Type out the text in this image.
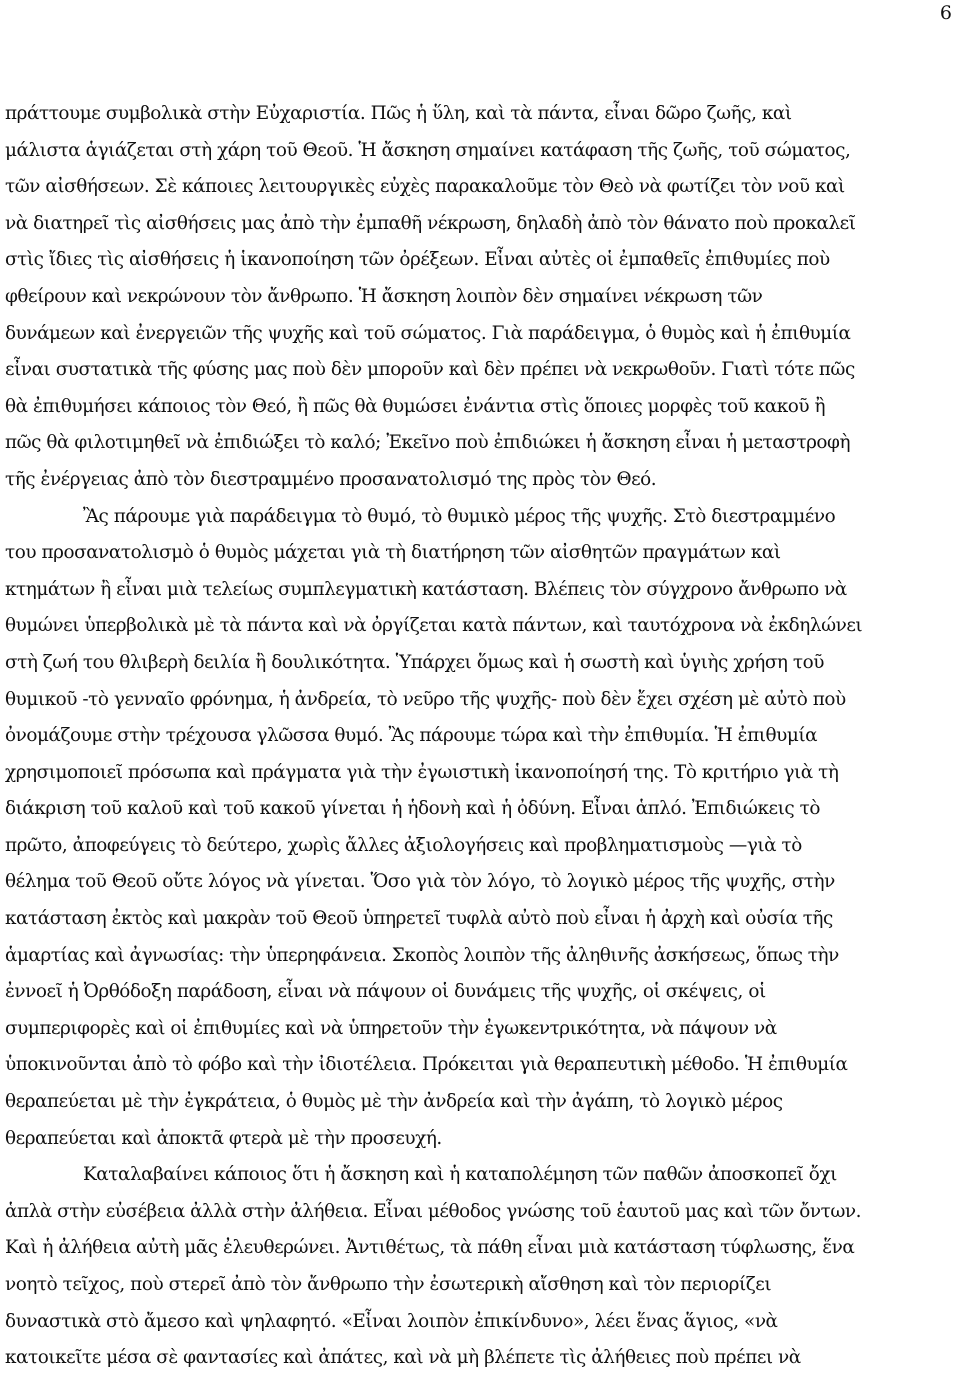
6
πράττουμε συμβολικὰ στὴν Εὐχαριστία. Πῶς ἡ ὕλη, καὶ τὰ πάντα, εἶναι δῶρο ζωῆς, καὶ
μάλιστα ἁγιάζεται στὴ χάρη τοῦ Θεοῦ. Ἡ ἄσκηση σημαίνει κατάφαση τῆς ζωῆς, τοῦ σώματος,
τῶν αἰσθήσεων. Σὲ κάποιες λειτουργικὲς εὐχὲς παρακαλοῦμε τὸν Θεὸ νὰ φωτίζει τὸν νοῦ καὶ
νὰ διατηρεῖ τὶς αἰσθήσεις μας ἀπὸ τὴν ἐμπαθῆ νέκρωση, δηλαδὴ ἀπὸ τὸν θάνατο ποὺ προκαλεῖ
στὶς ἴδιες τὶς αἰσθήσεις ἡ ἱκανοποίηση τῶν ὀρέξεων. Εἶναι αὐτὲς οἱ ἐμπαθεῖς ἐπιθυμίες ποὺ
φθείρουν καὶ νεκρώνουν τὸν ἄνθρωπο. Ἡ ἄσκηση λοιπὸν δὲν σημαίνει νέκρωση τῶν
δυνάμεων καὶ ἐνεργειῶν τῆς ψυχῆς καὶ τοῦ σώματος. Γιὰ παράδειγμα, ὁ θυμὸς καὶ ἡ ἐπιθυμία
εἶναι συστατικὰ τῆς φύσης μας ποὺ δὲν μποροῦν καὶ δὲν πρέπει νὰ νεκρωθοῦν. Γιατὶ τότε πῶς
θὰ ἐπιθυμήσει κάποιος τὸν Θεό, ἢ πῶς θὰ θυμώσει ἐνάντια στὶς ὅποιες μορφὲς τοῦ κακοῦ ἢ
πῶς θὰ φιλοτιμηθεῖ νὰ ἐπιδιώξει τὸ καλό; Ἐκεῖνο ποὺ ἐπιδιώκει ἡ ἄσκηση εἶναι ἡ μεταστροφὴ
τῆς ἐνέργειας ἀπὸ τὸν διεστραμμένο προσανατολισμό της πρὸς τὸν Θεό.
Ἂς πάρουμε γιὰ παράδειγμα τὸ θυμό, τὸ θυμικὸ μέρος τῆς ψυχῆς. Στὸ διεστραμμένο
του προσανατολισμὸ ὁ θυμὸς μάχεται γιὰ τὴ διατήρηση τῶν αἰσθητῶν πραγμάτων καὶ
κτημάτων ἢ εἶναι μιὰ τελείως συμπλεγματικὴ κατάσταση. Βλέπεις τὸν σύγχρονο ἄνθρωπο νὰ
θυμώνει ὑπερβολικὰ μὲ τὰ πάντα καὶ νὰ ὀργίζεται κατὰ πάντων, καὶ ταυτόχρονα νὰ ἐκδηλώνει
στὴ ζωή του θλιβερὴ δειλία ἢ δουλικότητα. Ὑπάρχει ὅμως καὶ ἡ σωστὴ καὶ ὑγιὴς χρήση τοῦ
θυμικοῦ -τὸ γενναῖο φρόνημα, ἡ ἀνδρεία, τὸ νεῦρο τῆς ψυχῆς- ποὺ δὲν ἔχει σχέση μὲ αὐτὸ ποὺ
ὀνομάζουμε στὴν τρέχουσα γλῶσσα θυμό. Ἂς πάρουμε τώρα καὶ τὴν ἐπιθυμία. Ἡ ἐπιθυμία
χρησιμοποιεῖ πρόσωπα καὶ πράγματα γιὰ τὴν ἐγωιστικὴ ἱκανοποίησή της. Τὸ κριτήριο γιὰ τὴ
διάκριση τοῦ καλοῦ καὶ τοῦ κακοῦ γίνεται ἡ ἡδονὴ καὶ ἡ ὀδύνη. Εἶναι ἁπλό. Ἐπιδιώκεις τὸ
πρῶτο, ἀποφεύγεις τὸ δεύτερο, χωρὶς ἄλλες ἀξιολογήσεις καὶ προβληματισμοὺς —γιὰ τὸ
θέλημα τοῦ Θεοῦ οὔτε λόγος νὰ γίνεται. Ὅσο γιὰ τὸν λόγο, τὸ λογικὸ μέρος τῆς ψυχῆς, στὴν
κατάσταση ἐκτὸς καὶ μακρὰν τοῦ Θεοῦ ὑπηρετεῖ τυφλὰ αὐτὸ ποὺ εἶναι ἡ ἀρχὴ καὶ οὐσία τῆς
ἁμαρτίας καὶ ἀγνωσίας: τὴν ὑπερηφάνεια. Σκοπὸς λοιπὸν τῆς ἀληθινῆς ἀσκήσεως, ὅπως τὴν
ἐννοεῖ ἡ Ὀρθόδοξη παράδοση, εἶναι νὰ πάψουν οἱ δυνάμεις τῆς ψυχῆς, οἱ σκέψεις, οἱ
συμπεριφορὲς καὶ οἱ ἐπιθυμίες καὶ νὰ ὑπηρετοῦν τὴν ἐγωκεντρικότητα, νὰ πάψουν νὰ
ὑποκινοῦνται ἀπὸ τὸ φόβο καὶ τὴν ἰδιοτέλεια. Πρόκειται γιὰ θεραπευτικὴ μέθοδο. Ἡ ἐπιθυμία
θεραπεύεται μὲ τὴν ἐγκράτεια, ὁ θυμὸς μὲ τὴν ἀνδρεία καὶ τὴν ἀγάπη, τὸ λογικὸ μέρος
θεραπεύεται καὶ ἀποκτᾶ φτερὰ μὲ τὴν προσευχή.
Καταλαβαίνει κάποιος ὅτι ἡ ἄσκηση καὶ ἡ καταπολέμηση τῶν παθῶν ἀποσκοπεῖ ὄχι
ἁπλὰ στὴν εὐσέβεια ἀλλὰ στὴν ἀλήθεια. Εἶναι μέθοδος γνώσης τοῦ ἑαυτοῦ μας καὶ τῶν ὄντων.
Καὶ ἡ ἀλήθεια αὐτὴ μᾶς ἐλευθερώνει. Ἀντιθέτως, τὰ πάθη εἶναι μιὰ κατάσταση τύφλωσης, ἕνα
νοητὸ τεῖχος, ποὺ στερεῖ ἀπὸ τὸν ἄνθρωπο τὴν ἐσωτερικὴ αἴσθηση καὶ τὸν περιορίζει
δυναστικὰ στὸ ἄμεσο καὶ ψηλαφητό. «Εἶναι λοιπὸν ἐπικίνδυνο», λέει ἕνας ἅγιος, «νὰ
κατοικεῖτε μέσα σὲ φαντασίες καὶ ἀπάτες, καὶ νὰ μὴ βλέπετε τὶς ἀλήθειες ποὺ πρέπει νὰ
